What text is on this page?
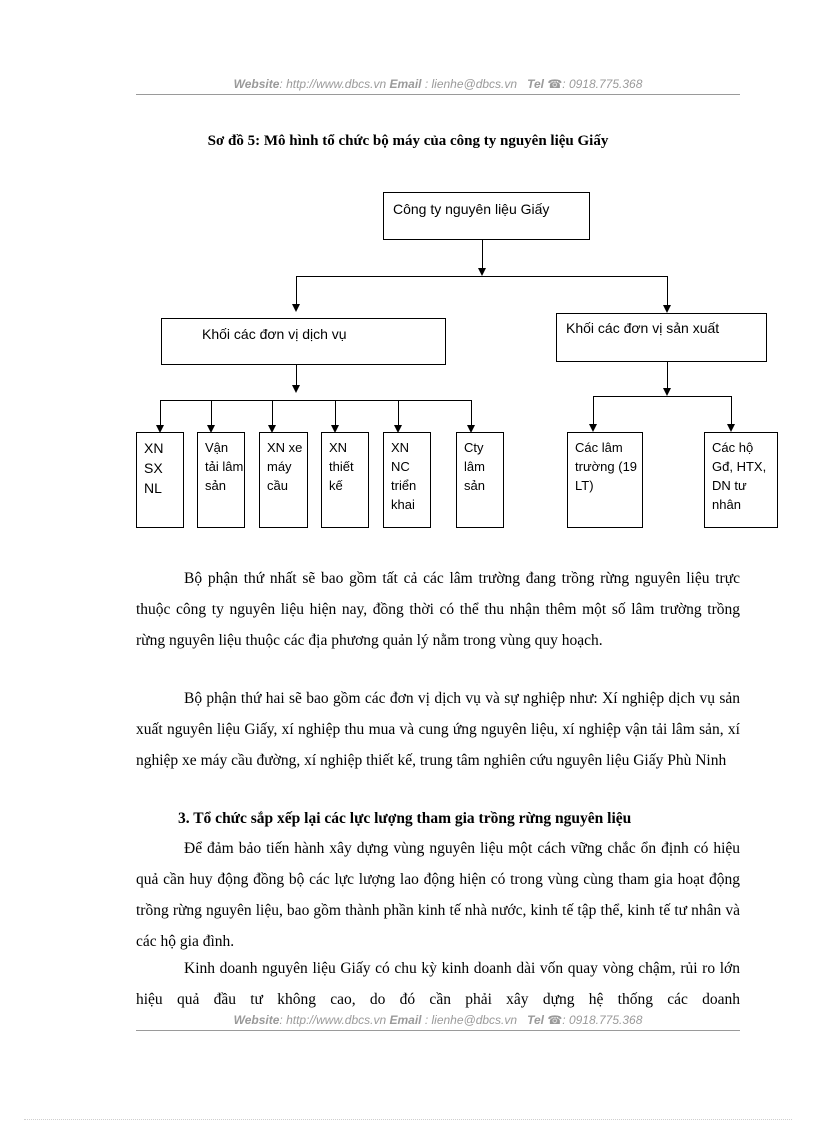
Website: http://www.dbcs.vn Email : lienhe@dbcs.vn Tel ☎: 0918.775.368
Sơ đồ 5: Mô hình tổ chức bộ máy của công ty nguyên liệu Giấy
Công ty nguyên liệu Giấy
Khối các đơn vị dịch vụ	Khối các đơn vị sản xuất
XN SX NL
Vận tải lâm sản
XN xe máy cầu
XN thiết kế
XN NC triển khai
Cty lâm sản
Các lâm trường (19 LT)
Các hộ Gđ, HTX, DN tư nhân

Bộ phận thứ nhất sẽ bao gồm tất cả các lâm trường đang trồng rừng nguyên liệu trực thuộc công ty nguyên liệu hiện nay, đồng thời có thể thu nhận thêm một số lâm trường trồng rừng nguyên liệu thuộc các địa phương quản lý nằm trong vùng quy hoạch.

Bộ phận thứ hai sẽ bao gồm các đơn vị dịch vụ và sự nghiệp như: Xí nghiệp dịch vụ sản xuất nguyên liệu Giấy, xí nghiệp thu mua và cung ứng nguyên liệu, xí nghiệp vận tải lâm sản, xí nghiệp xe máy cầu đường, xí nghiệp thiết kế, trung tâm nghiên cứu nguyên liệu Giấy Phù Ninh

3. Tổ chức sắp xếp lại các lực lượng tham gia trồng rừng nguyên liệu

Để đảm bảo tiến hành xây dựng vùng nguyên liệu một cách vững chắc ổn định có hiệu quả cần huy động đồng bộ các lực lượng lao động hiện có trong vùng cùng tham gia hoạt động trồng rừng nguyên liệu, bao gồm thành phần kinh tế nhà nước, kinh tế tập thể, kinh tế tư nhân và các hộ gia đình.

Kinh doanh nguyên liệu Giấy có chu kỳ kinh doanh dài vốn quay vòng chậm, rủi ro lớn hiệu quả đầu tư không cao, do đó cần phải xây dựng hệ thống các doanh

Website: http://www.dbcs.vn Email : lienhe@dbcs.vn Tel ☎: 0918.775.368
